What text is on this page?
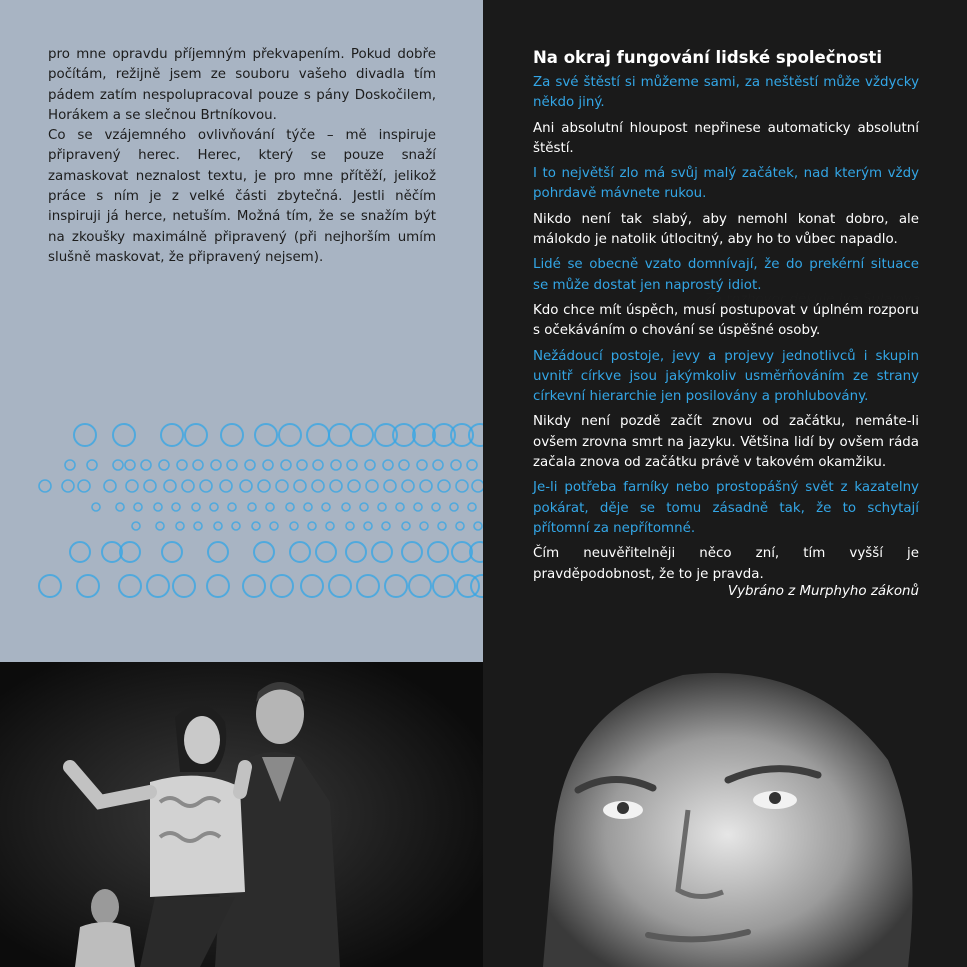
pro mne opravdu příjemným překvapením. Pokud dobře počítám, režijně jsem ze souboru vašeho divadla tím pádem zatím nespolupracoval pouze s pány Doskočilem, Horákem a se slečnou Brtníkovou.

Co se vzájemného ovlivňování týče – mě inspiruje připravený herec. Herec, který se pouze snaží zamaskovat neznalost textu, je pro mne přítěží, jelikož práce s ním je z velké části zbytečná. Jestli něčím inspiruji já herce, netuším. Možná tím, že se snažím být na zkoušky maximálně připravený (při nejhorším umím slušně maskovat, že připravený nejsem).

Za rozhovor děkuje Iva Šulajová
Na okraj fungování lidské společnosti

Za své štěstí si můžeme sami, za neštěstí může vždycky někdo jiný.

Ani absolutní hloupost nepřinese automaticky absolutní štěstí.

I to největší zlo má svůj malý začátek, nad kterým vždy pohrdavě mávnete rukou.

Nikdo není tak slabý, aby nemohl konat dobro, ale málokdo je natolik útlocitný, aby ho to vůbec napadlo.

Lidé se obecně vzato domnívají, že do prekérní situace se může dostat jen naprostý idiot.

Kdo chce mít úspěch, musí postupovat v úplném rozporu s očekáváním o chování se úspěšné osoby.

Nežádoucí postoje, jevy a projevy jednotlivců i skupin uvnitř církve jsou jakýmkoliv usměrňováním ze strany církevní hierarchie jen posilovány a prohlubovány.

Nikdy není pozdě začít znovu od začátku, nemáte-li ovšem zrovna smrt na jazyku. Většina lidí by ovšem ráda začala znova od začátku právě v takovém okamžiku.

Je-li potřeba farníky nebo prostopášný svět z kazatelny pokárat, děje se tomu zásadně tak, že to schytají přítomní za nepřítomné.

Čím neuvěřitelněji něco zní, tím vyšší je pravděpodobnost, že to je pravda.

Vybráno z Murphyho zákonů
